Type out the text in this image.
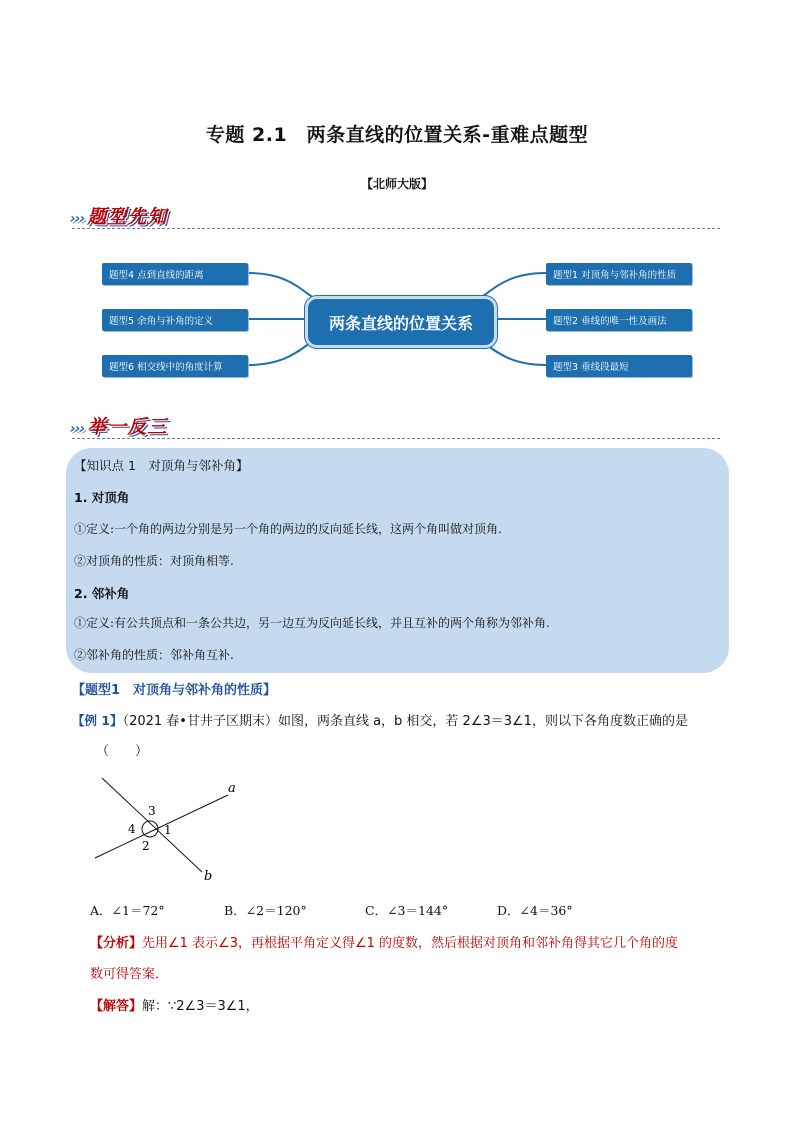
专题 2.1　两条直线的位置关系-重难点题型
【北师大版】
››› 题型先知
题型4 点到直线的距离
题型5 余角与补角的定义
题型6 相交线中的角度计算
两条直线的位置关系
题型1 对顶角与邻补角的性质
题型2 垂线的唯一性及画法
题型3 垂线段最短
››› 举一反三
【知识点 1　对顶角与邻补角】
1. 对顶角
①定义:一个角的两边分别是另一个角的两边的反向延长线，这两个角叫做对顶角.
②对顶角的性质：对顶角相等.
2. 邻补角
①定义:有公共顶点和一条公共边，另一边互为反向延长线，并且互补的两个角称为邻补角.
②邻补角的性质：邻补角互补.
【题型1　对顶角与邻补角的性质】
【例 1】（2021 春•甘井子区期末）如图，两条直线 a，b 相交，若 2∠3＝3∠1，则以下各角度数正确的是
（　　）
a
b
3
4 1
2
A．∠1＝72°	B．∠2＝120°	C．∠3＝144°	D．∠4＝36°
【分析】先用∠1 表示∠3，再根据平角定义得∠1 的度数，然后根据对顶角和邻补角得其它几个角的度
数可得答案．
【解答】解：∵2∠3＝3∠1，
